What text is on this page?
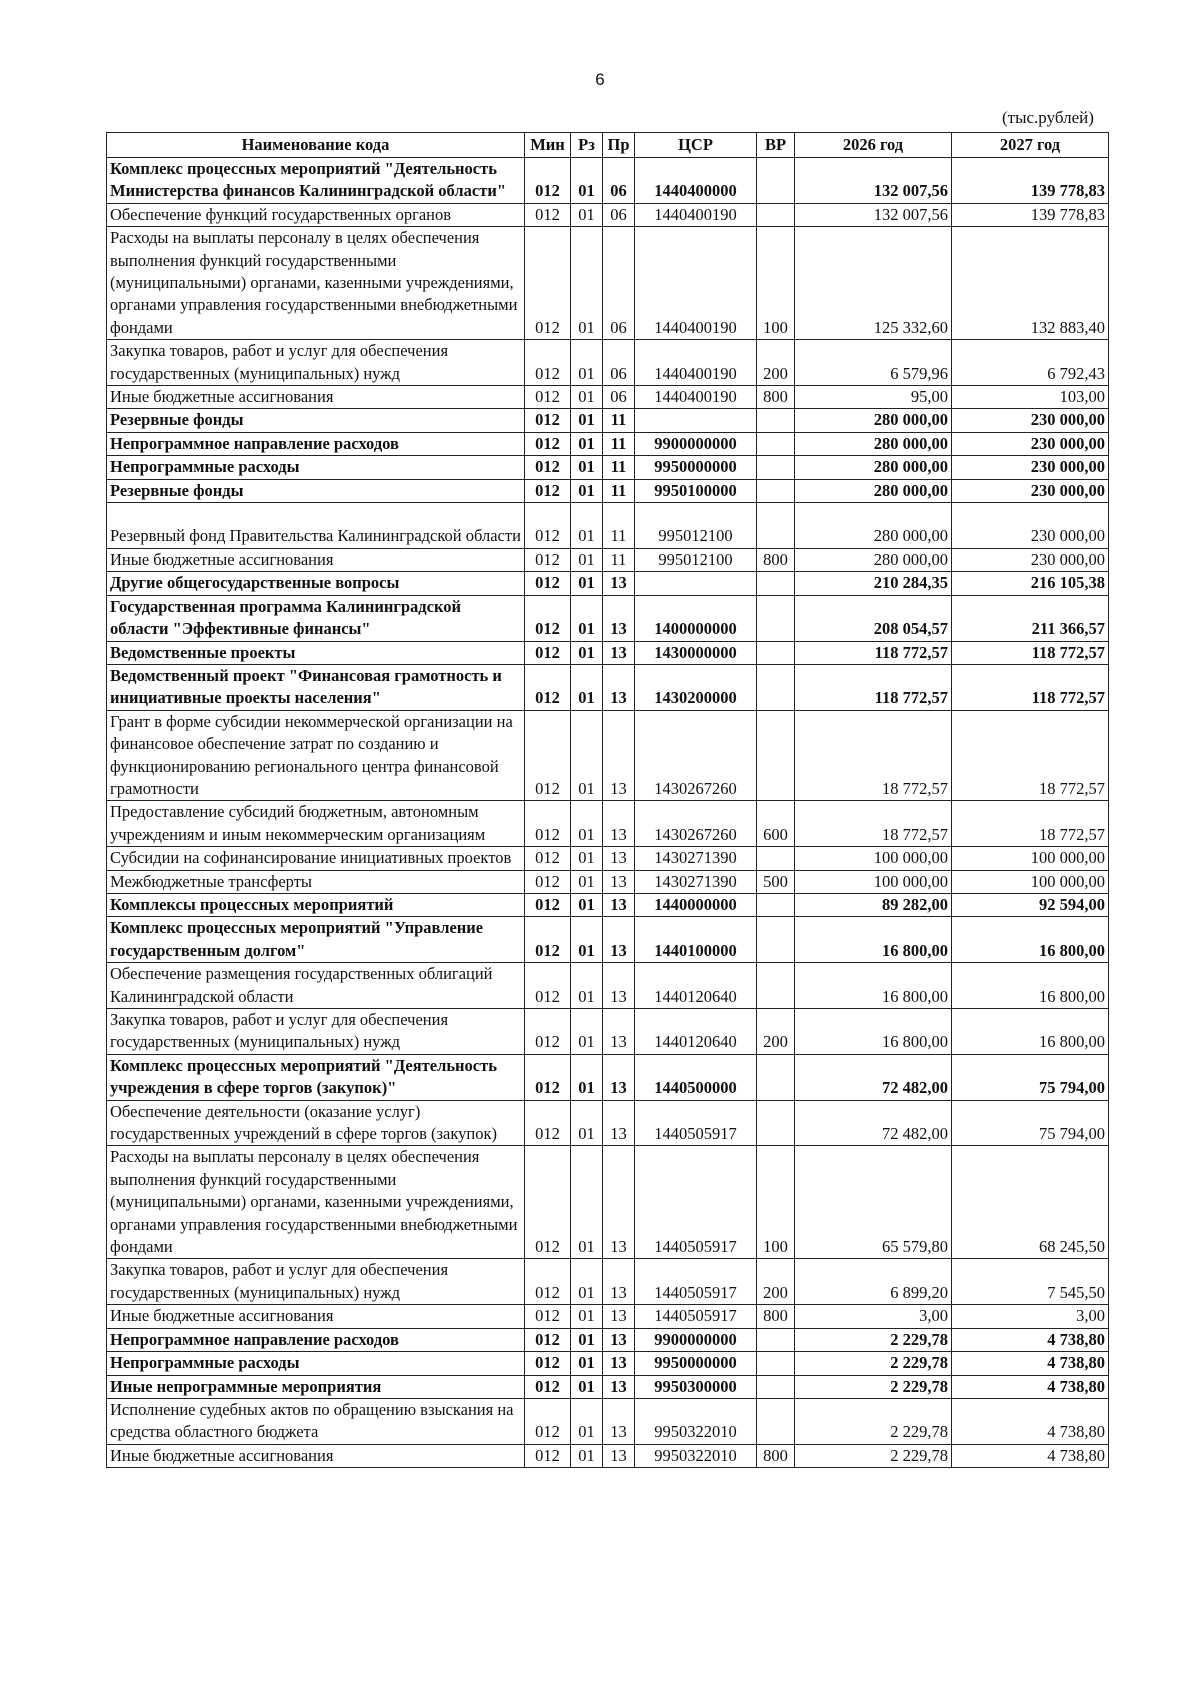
6
(тыс.рублей)
Наименование кода	Мин	Рз	Пр	ЦСР	ВР	2026 год	2027 год
Комплекс процессных мероприятий "Деятельность Министерства финансов Калининградской области"	012	01	06	1440400000		132 007,56	139 778,83
Обеспечение функций государственных органов	012	01	06	1440400190		132 007,56	139 778,83
Расходы на выплаты персоналу в целях обеспечения выполнения функций государственными (муниципальными) органами, казенными учреждениями, органами управления государственными внебюджетными фондами	012	01	06	1440400190	100	125 332,60	132 883,40
Закупка товаров, работ и услуг для обеспечения государственных (муниципальных) нужд	012	01	06	1440400190	200	6 579,96	6 792,43
Иные бюджетные ассигнования	012	01	06	1440400190	800	95,00	103,00
Резервные фонды	012	01	11			280 000,00	230 000,00
Непрограммное направление расходов	012	01	11	9900000000		280 000,00	230 000,00
Непрограммные расходы	012	01	11	9950000000		280 000,00	230 000,00
Резервные фонды	012	01	11	9950100000		280 000,00	230 000,00
Резервный фонд Правительства Калининградской области	012	01	11	995012100		280 000,00	230 000,00
Иные бюджетные ассигнования	012	01	11	995012100	800	280 000,00	230 000,00
Другие общегосударственные вопросы	012	01	13			210 284,35	216 105,38
Государственная программа Калининградской области "Эффективные финансы"	012	01	13	1400000000		208 054,57	211 366,57
Ведомственные проекты	012	01	13	1430000000		118 772,57	118 772,57
Ведомственный проект "Финансовая грамотность и инициативные проекты населения"	012	01	13	1430200000		118 772,57	118 772,57
Грант в форме субсидии некоммерческой организации на финансовое обеспечение затрат по созданию и функционированию регионального центра финансовой грамотности	012	01	13	1430267260		18 772,57	18 772,57
Предоставление субсидий бюджетным, автономным учреждениям и иным некоммерческим организациям	012	01	13	1430267260	600	18 772,57	18 772,57
Субсидии на софинансирование инициативных проектов	012	01	13	1430271390		100 000,00	100 000,00
Межбюджетные трансферты	012	01	13	1430271390	500	100 000,00	100 000,00
Комплексы процессных мероприятий	012	01	13	1440000000		89 282,00	92 594,00
Комплекс процессных мероприятий "Управление государственным долгом"	012	01	13	1440100000		16 800,00	16 800,00
Обеспечение размещения государственных облигаций Калининградской области	012	01	13	1440120640		16 800,00	16 800,00
Закупка товаров, работ и услуг для обеспечения государственных (муниципальных) нужд	012	01	13	1440120640	200	16 800,00	16 800,00
Комплекс процессных мероприятий "Деятельность учреждения в сфере торгов (закупок)"	012	01	13	1440500000		72 482,00	75 794,00
Обеспечение деятельности (оказание услуг) государственных учреждений в сфере торгов (закупок)	012	01	13	1440505917		72 482,00	75 794,00
Расходы на выплаты персоналу в целях обеспечения выполнения функций государственными (муниципальными) органами, казенными учреждениями, органами управления государственными внебюджетными фондами	012	01	13	1440505917	100	65 579,80	68 245,50
Закупка товаров, работ и услуг для обеспечения государственных (муниципальных) нужд	012	01	13	1440505917	200	6 899,20	7 545,50
Иные бюджетные ассигнования	012	01	13	1440505917	800	3,00	3,00
Непрограммное направление расходов	012	01	13	9900000000		2 229,78	4 738,80
Непрограммные расходы	012	01	13	9950000000		2 229,78	4 738,80
Иные непрограммные мероприятия	012	01	13	9950300000		2 229,78	4 738,80
Исполнение судебных актов по обращению взыскания на средства областного бюджета	012	01	13	9950322010		2 229,78	4 738,80
Иные бюджетные ассигнования	012	01	13	9950322010	800	2 229,78	4 738,80
